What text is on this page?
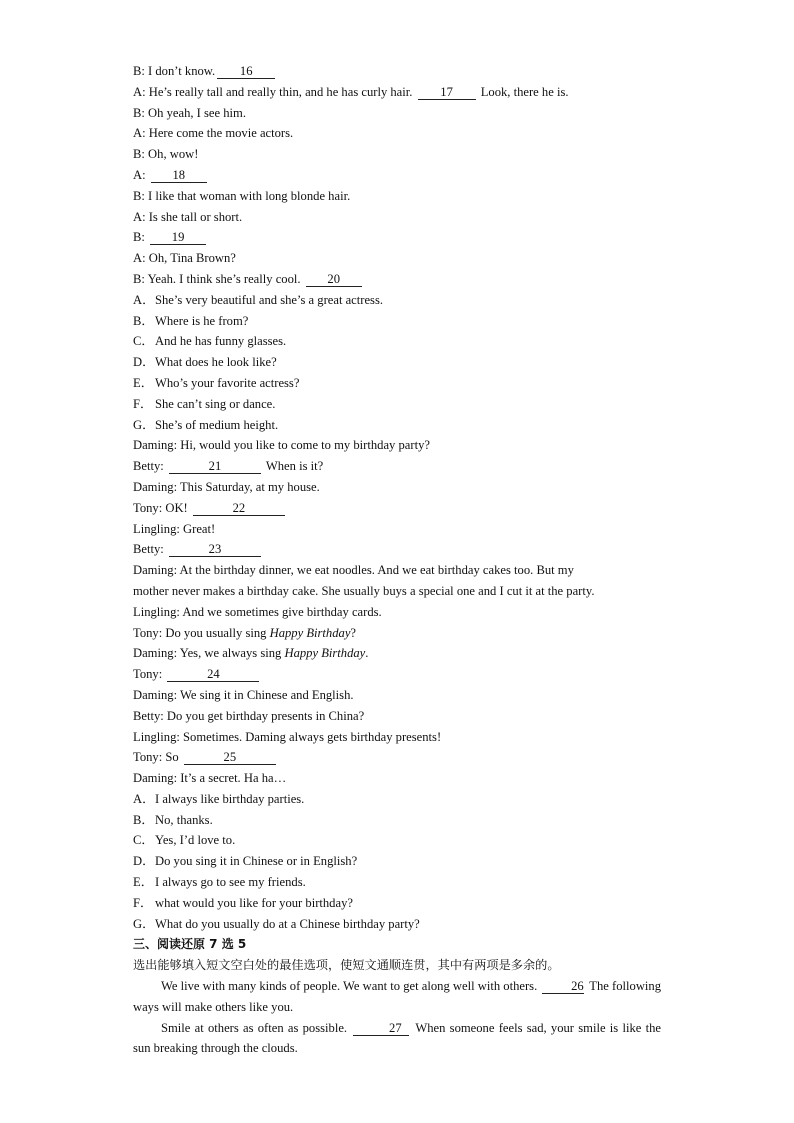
B: I don’t know. 16
A: He’s really tall and really thin, and he has curly hair. 17 Look, there he is.
B: Oh yeah, I see him.
A: Here come the movie actors.
B: Oh, wow!
A: 18
B: I like that woman with long blonde hair.
A: Is she tall or short.
B: 19
A: Oh, Tina Brown?
B: Yeah. I think she’s really cool. 20
A．She’s very beautiful and she’s a great actress.
B．Where is he from?
C．And he has funny glasses.
D．What does he look like?
E． Who’s your favorite actress?
F． She can’t sing or dance.
G．She’s of medium height.
Daming: Hi, would you like to come to my birthday party?
Betty:	21	When is it?
Daming: This Saturday, at my house.
Tony: OK!	22
Lingling: Great!
Betty:	23
Daming: At the birthday dinner, we eat noodles. And we eat birthday cakes too. But my
mother never makes a birthday cake. She usually buys a special one and I cut it at the party.
Lingling: And we sometimes give birthday cards.
Tony: Do you usually sing Happy Birthday?
Daming: Yes, we always sing Happy Birthday.
Tony:	24
Daming: We sing it in Chinese and English.
Betty: Do you get birthday presents in China?
Lingling: Sometimes. Daming always gets birthday presents!
Tony: So	25
Daming: It’s a secret. Ha ha…
A．I always like birthday parties.
B．No, thanks.
C．Yes, I’d love to.
D．Do you sing it in Chinese or in English?
E． I always go to see my friends.
F． what would you like for your birthday?
G．What do you usually do at a Chinese birthday party?
三、阅读还原 7 选 5
选出能够填入短文空白处的最佳选项，使短文通顺连贯，其中有两项是多余的。
We live with many kinds of people. We want to get along well with others. 26 The following ways will make others like you.
Smile at others as often as possible.	27 When someone feels sad, your smile is like the sun breaking through the clouds.
